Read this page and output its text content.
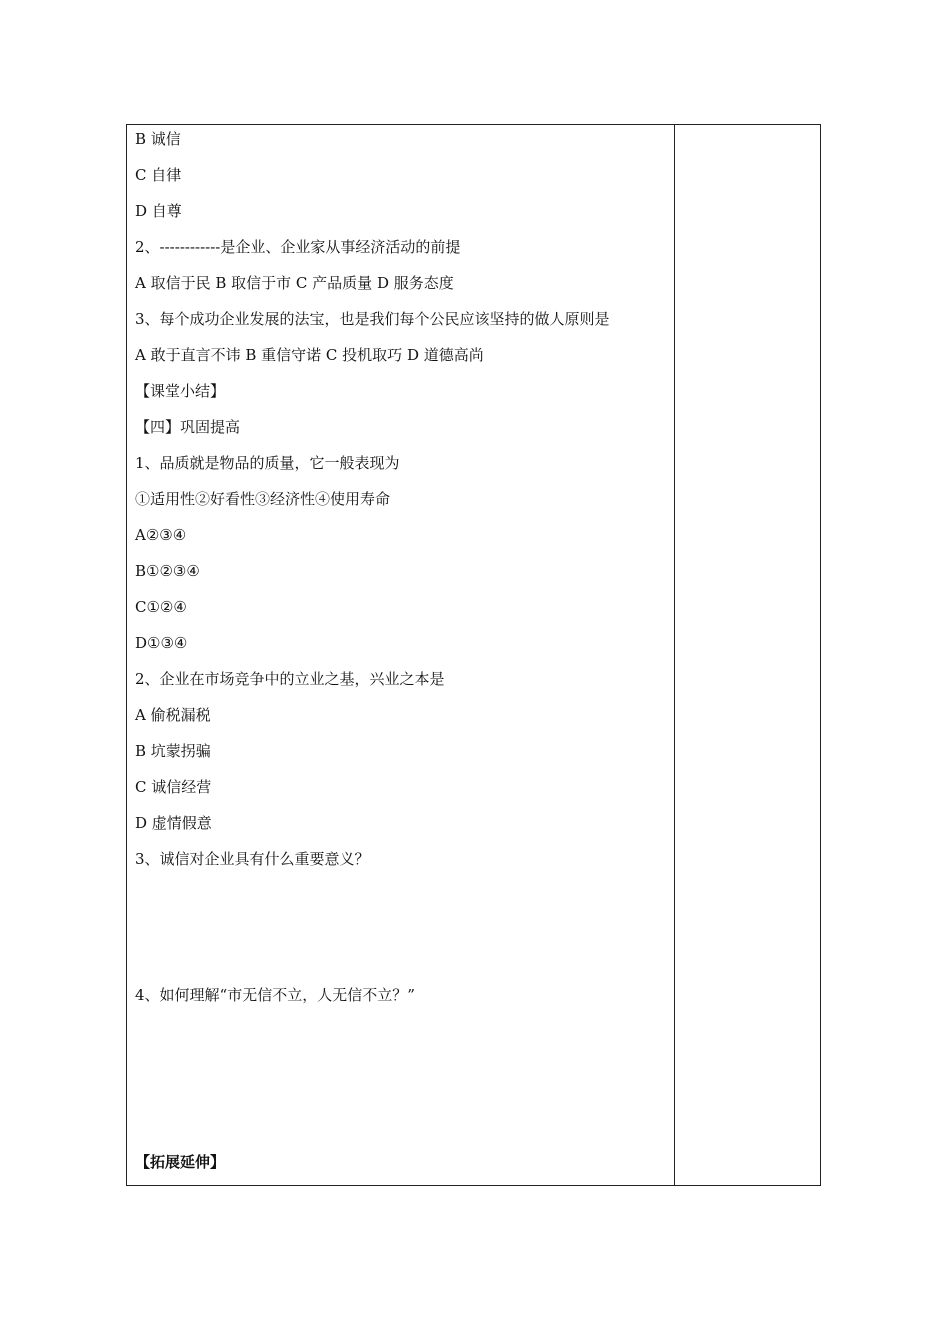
B 诚信
C 自律
D 自尊
2、------------是企业、企业家从事经济活动的前提
A 取信于民 B 取信于市 C 产品质量 D 服务态度
3、每个成功企业发展的法宝，也是我们每个公民应该坚持的做人原则是
A 敢于直言不讳 B 重信守诺 C 投机取巧 D 道德高尚
【课堂小结】
【四】巩固提高
1、品质就是物品的质量，它一般表现为
①适用性②好看性③经济性④使用寿命
A②③④
B①②③④
C①②④
D①③④
2、企业在市场竞争中的立业之基，兴业之本是
A 偷税漏税
B 坑蒙拐骗
C 诚信经营
D 虚情假意
3、诚信对企业具有什么重要意义？
4、如何理解“市无信不立，人无信不立？”
【拓展延伸】
